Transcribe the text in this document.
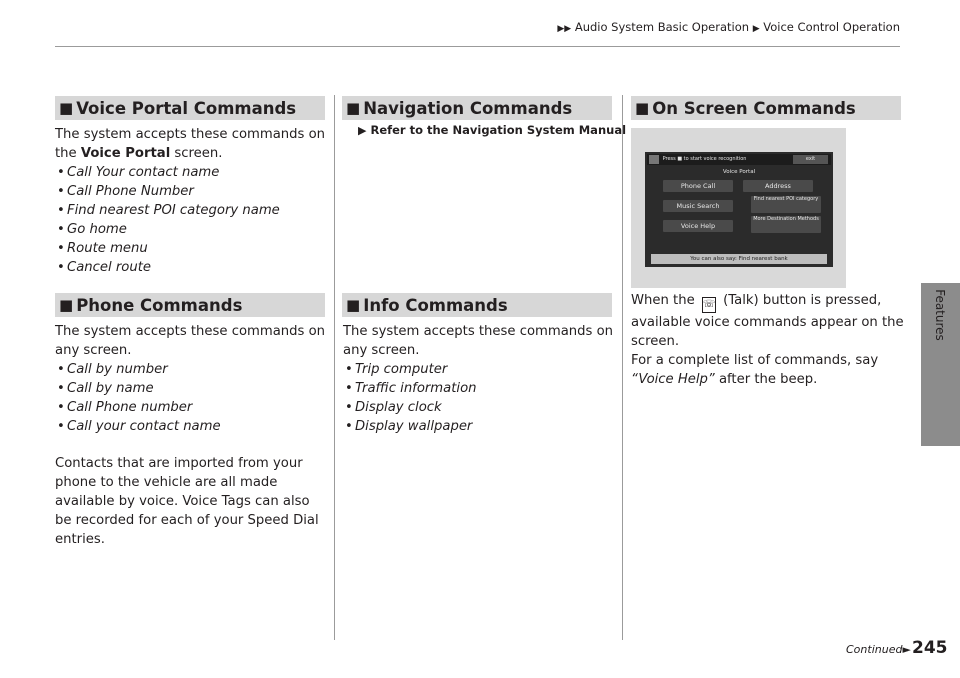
▶▶ Audio System Basic Operation ▶ Voice Control Operation
Features
■ Voice Portal Commands

The system accepts these commands on the Voice Portal screen.

• Call Your contact name
• Call Phone Number
• Find nearest POI category name
• Go home
• Route menu
• Cancel route
■ Phone Commands

The system accepts these commands on any screen.

• Call by number
• Call by name
• Call Phone number
• Call your contact name

Contacts that are imported from your phone to the vehicle are all made available by voice. Voice Tags can also be recorded for each of your Speed Dial entries.

■ Navigation Commands
▶ Refer to the Navigation System Manual
■ Info Commands

The system accepts these commands on any screen.

• Trip computer
• Traffic information
• Display clock
• Display wallpaper
■ On Screen Commands
Press ■ to start voice recognition	exit
Voice Portal
Phone Call	Address
Music Search
Find nearest POI category
Voice Help
More Destination Methods
You can also say: Find nearest bank

When the ☏ (Talk) button is pressed, available voice commands appear on the screen.

For a complete list of commands, say “Voice Help” after the beep.

Continued► 245
